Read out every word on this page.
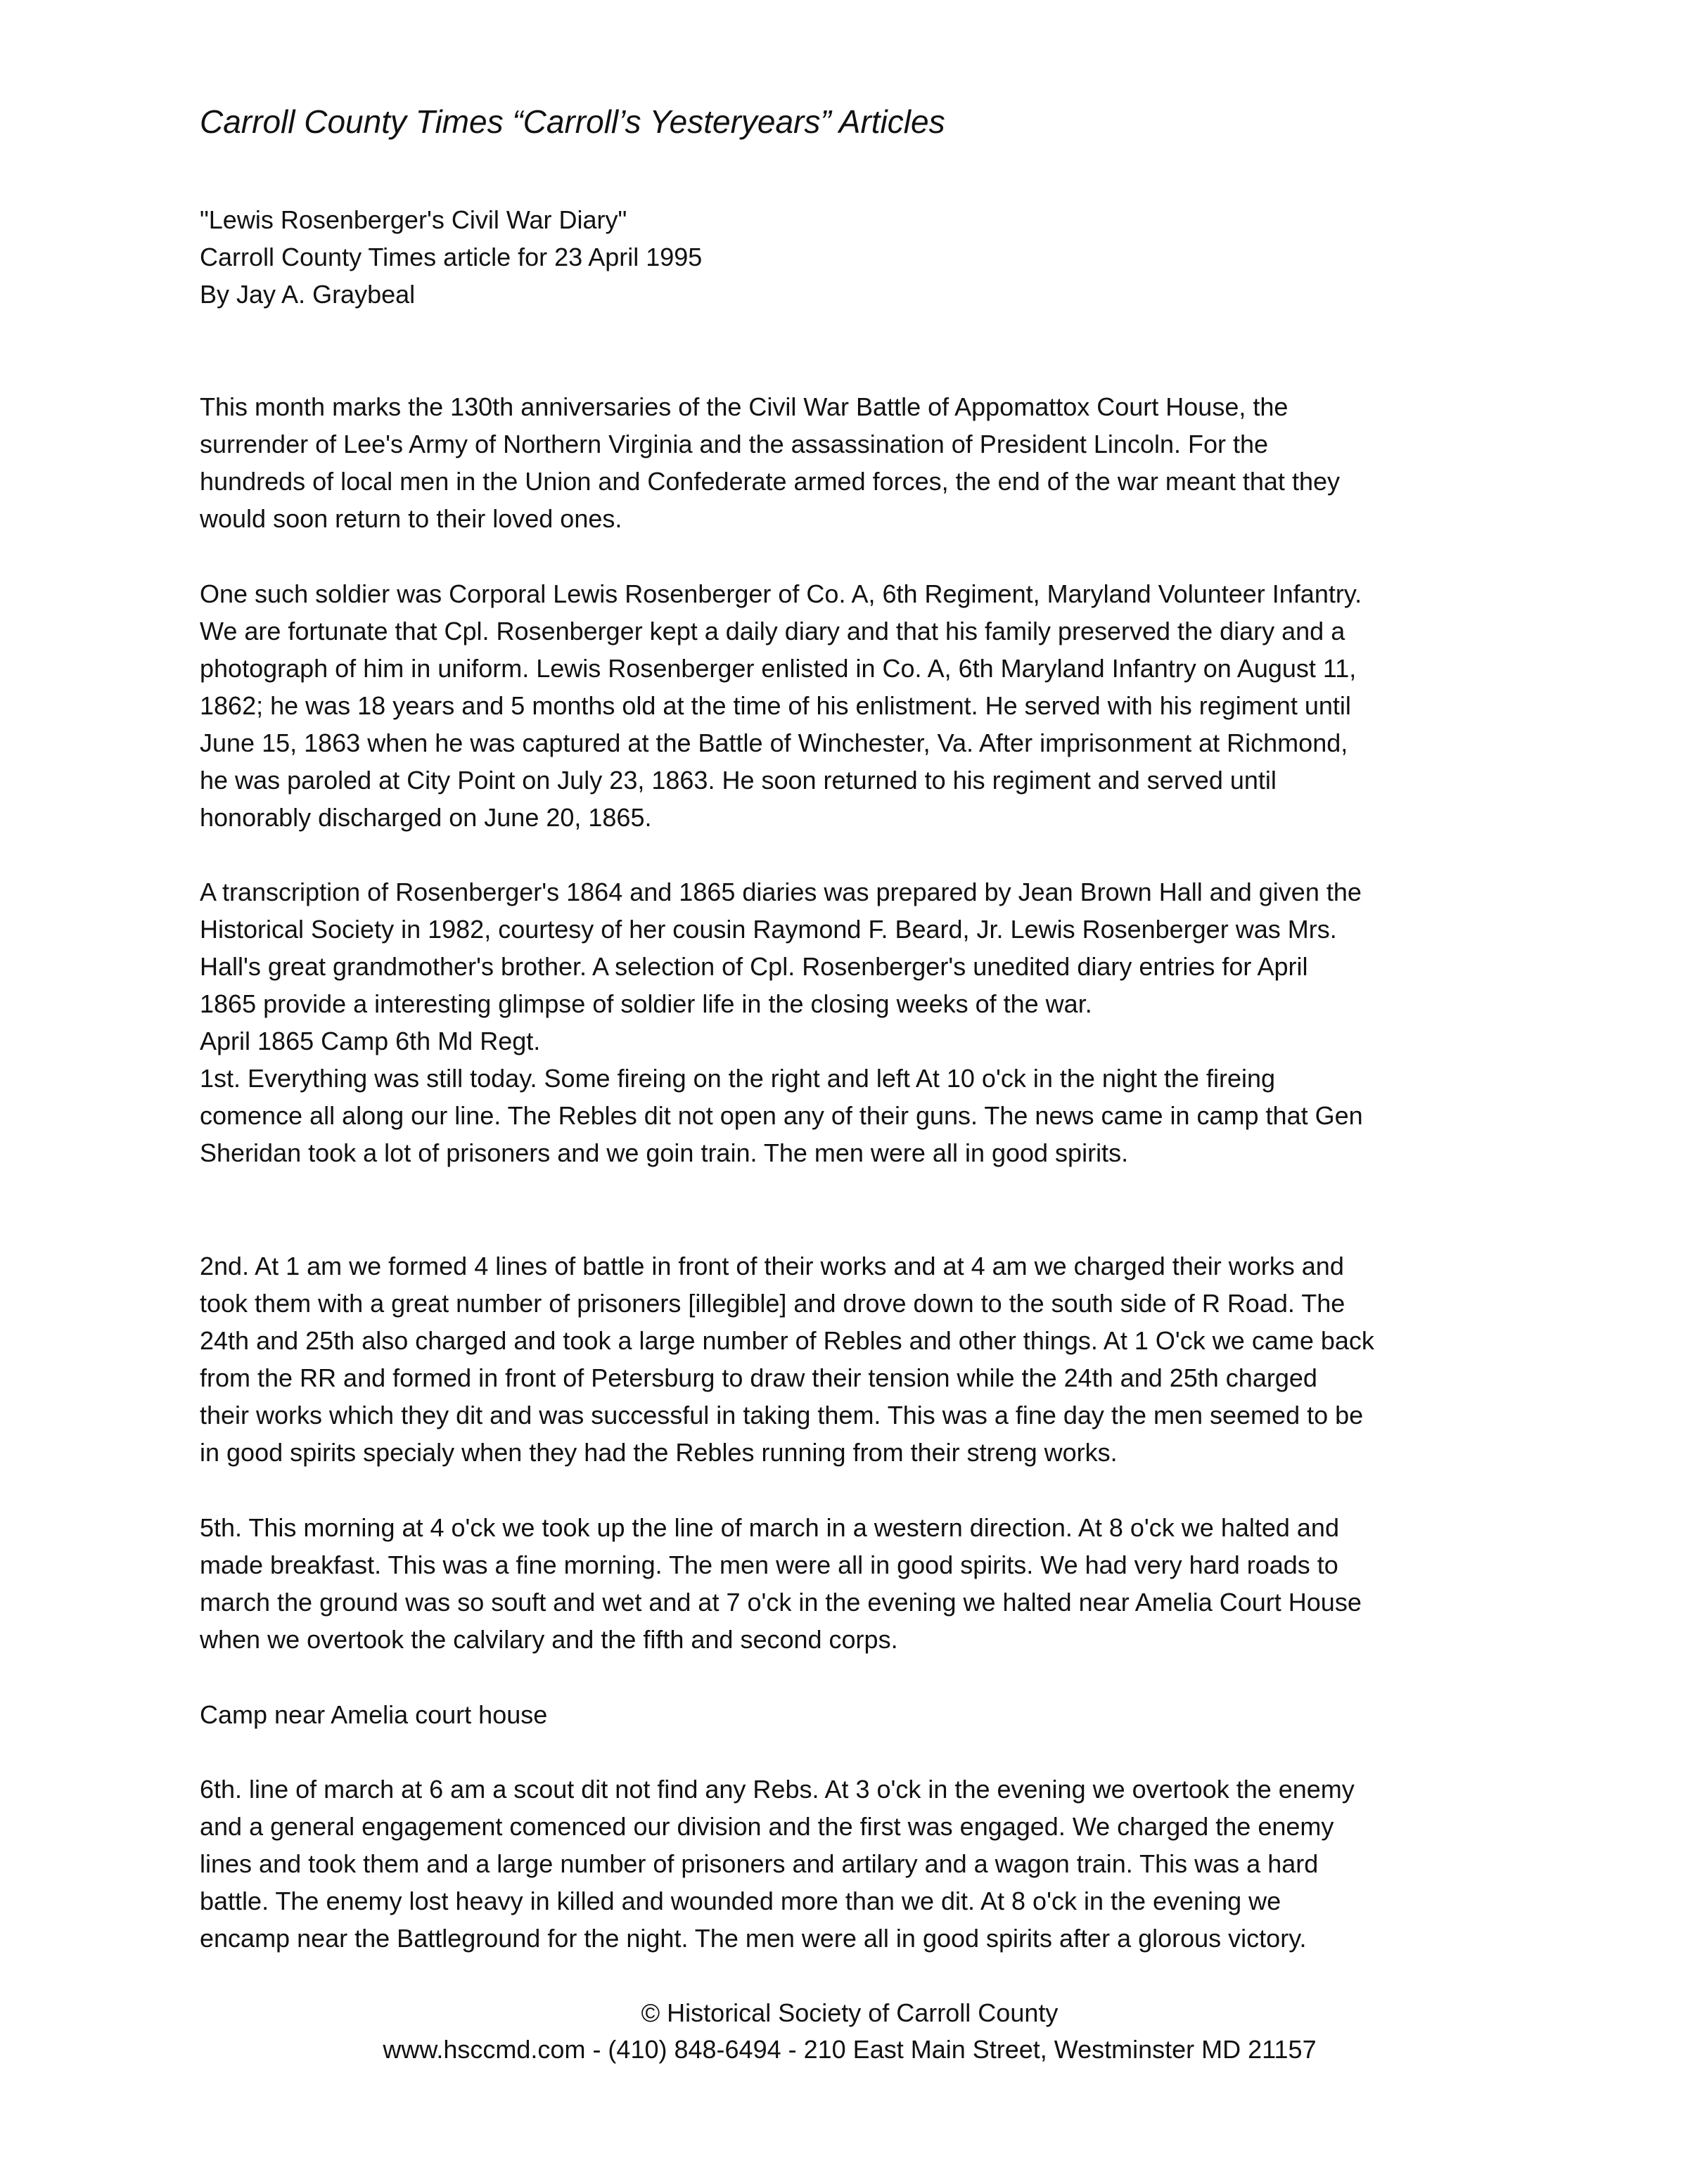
Carroll County Times “Carroll’s Yesteryears” Articles
"Lewis Rosenberger's Civil War Diary"
Carroll County Times article for 23 April 1995
By Jay A. Graybeal
This month marks the 130th anniversaries of the Civil War Battle of Appomattox Court House, the
surrender of Lee's Army of Northern Virginia and the assassination of President Lincoln. For the
hundreds of local men in the Union and Confederate armed forces, the end of the war meant that they
would soon return to their loved ones.
One such soldier was Corporal Lewis Rosenberger of Co. A, 6th Regiment, Maryland Volunteer Infantry.
We are fortunate that Cpl. Rosenberger kept a daily diary and that his family preserved the diary and a
photograph of him in uniform. Lewis Rosenberger enlisted in Co. A, 6th Maryland Infantry on August 11,
1862; he was 18 years and 5 months old at the time of his enlistment. He served with his regiment until
June 15, 1863 when he was captured at the Battle of Winchester, Va. After imprisonment at Richmond,
he was paroled at City Point on July 23, 1863. He soon returned to his regiment and served until
honorably discharged on June 20, 1865.
A transcription of Rosenberger's 1864 and 1865 diaries was prepared by Jean Brown Hall and given the
Historical Society in 1982, courtesy of her cousin Raymond F. Beard, Jr. Lewis Rosenberger was Mrs.
Hall's great grandmother's brother. A selection of Cpl. Rosenberger's unedited diary entries for April
1865 provide a interesting glimpse of soldier life in the closing weeks of the war.
April 1865 Camp 6th Md Regt.
1st. Everything was still today. Some fireing on the right and left At 10 o'ck in the night the fireing
comence all along our line. The Rebles dit not open any of their guns. The news came in camp that Gen
Sheridan took a lot of prisoners and we goin train. The men were all in good spirits.
2nd. At 1 am we formed 4 lines of battle in front of their works and at 4 am we charged their works and
took them with a great number of prisoners [illegible] and drove down to the south side of R Road. The
24th and 25th also charged and took a large number of Rebles and other things. At 1 O'ck we came back
from the RR and formed in front of Petersburg to draw their tension while the 24th and 25th charged
their works which they dit and was successful in taking them. This was a fine day the men seemed to be
in good spirits specialy when they had the Rebles running from their streng works.
5th. This morning at 4 o'ck we took up the line of march in a western direction. At 8 o'ck we halted and
made breakfast. This was a fine morning. The men were all in good spirits. We had very hard roads to
march the ground was so souft and wet and at 7 o'ck in the evening we halted near Amelia Court House
when we overtook the calvilary and the fifth and second corps.
Camp near Amelia court house
6th. line of march at 6 am a scout dit not find any Rebs. At 3 o'ck in the evening we overtook the enemy
and a general engagement comenced our division and the first was engaged. We charged the enemy
lines and took them and a large number of prisoners and artilary and a wagon train. This was a hard
battle. The enemy lost heavy in killed and wounded more than we dit. At 8 o'ck in the evening we
encamp near the Battleground for the night. The men were all in good spirits after a glorous victory.
© Historical Society of Carroll County
www.hsccmd.com - (410) 848-6494 - 210 East Main Street, Westminster MD 21157
